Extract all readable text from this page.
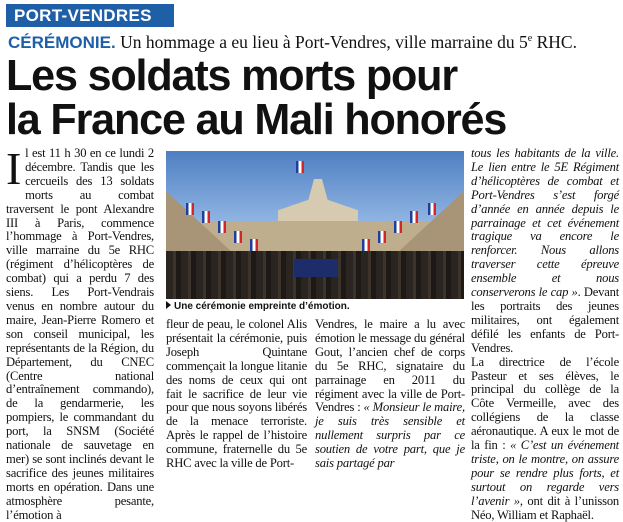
PORT-VENDRES
CÉRÉMONIE. Un hommage a eu lieu à Port-Vendres, ville marraine du 5e RHC.
Les soldats morts pour
la France au Mali honorés
Il est 11 h 30 en ce lundi 2 décembre. Tandis que les cercueils des 13 soldats morts au combat traversent le pont Alexandre III à Paris, commence l’hommage à Port-Vendres, ville marraine du 5e RHC (régiment d’hélicoptères de combat) qui a perdu 7 des siens. Les Port-Vendrais venus en nombre autour du maire, Jean-Pierre Romero et son conseil municipal, les représentants de la Région, du Département, du CNEC (Centre national d’entraînement commando), de la gendarmerie, les pompiers, le commandant du port, la SNSM (Société nationale de sauvetage en mer) se sont inclinés devant le sacrifice des jeunes militaires morts en opération. Dans une atmosphère pesante, l’émotion à
Une cérémonie empreinte d’émotion.
fleur de peau, le colonel Alis présentait la cérémonie, puis Joseph Quintane commençait la longue litanie des noms de ceux qui ont fait le sacrifice de leur vie pour que nous soyons libérés de la menace terroriste. Après le rappel de l’histoire commune, fraternelle du 5e RHC avec la ville de Port-
Vendres, le maire a lu avec émotion le message du général Gout, l’ancien chef de corps du 5e RHC, signataire du parrainage en 2011 du régiment avec la ville de Port-Vendres : « Monsieur le maire, je suis très sensible et nullement surpris par ce soutien de votre part, que je sais partagé par
tous les habitants de la ville. Le lien entre le 5E Régiment d’hélicoptères de combat et Port-Vendres s’est forgé d’année en année depuis le parrainage et cet événement tragique va encore le renforcer. Nous allons traverser cette épreuve ensemble et nous conserverons le cap ». Devant les portraits des jeunes militaires, ont également défilé les enfants de Port-Vendres.
La directrice de l’école Pasteur et ses élèves, le principal du collège de la Côte Vermeille, avec des collégiens de la classe aéronautique. A eux le mot de la fin : « C’est un événement triste, on le montre, on assure pour se rendre plus forts, et surtout on regarde vers l’avenir », ont dit à l’unisson Néo, William et Raphaël.
